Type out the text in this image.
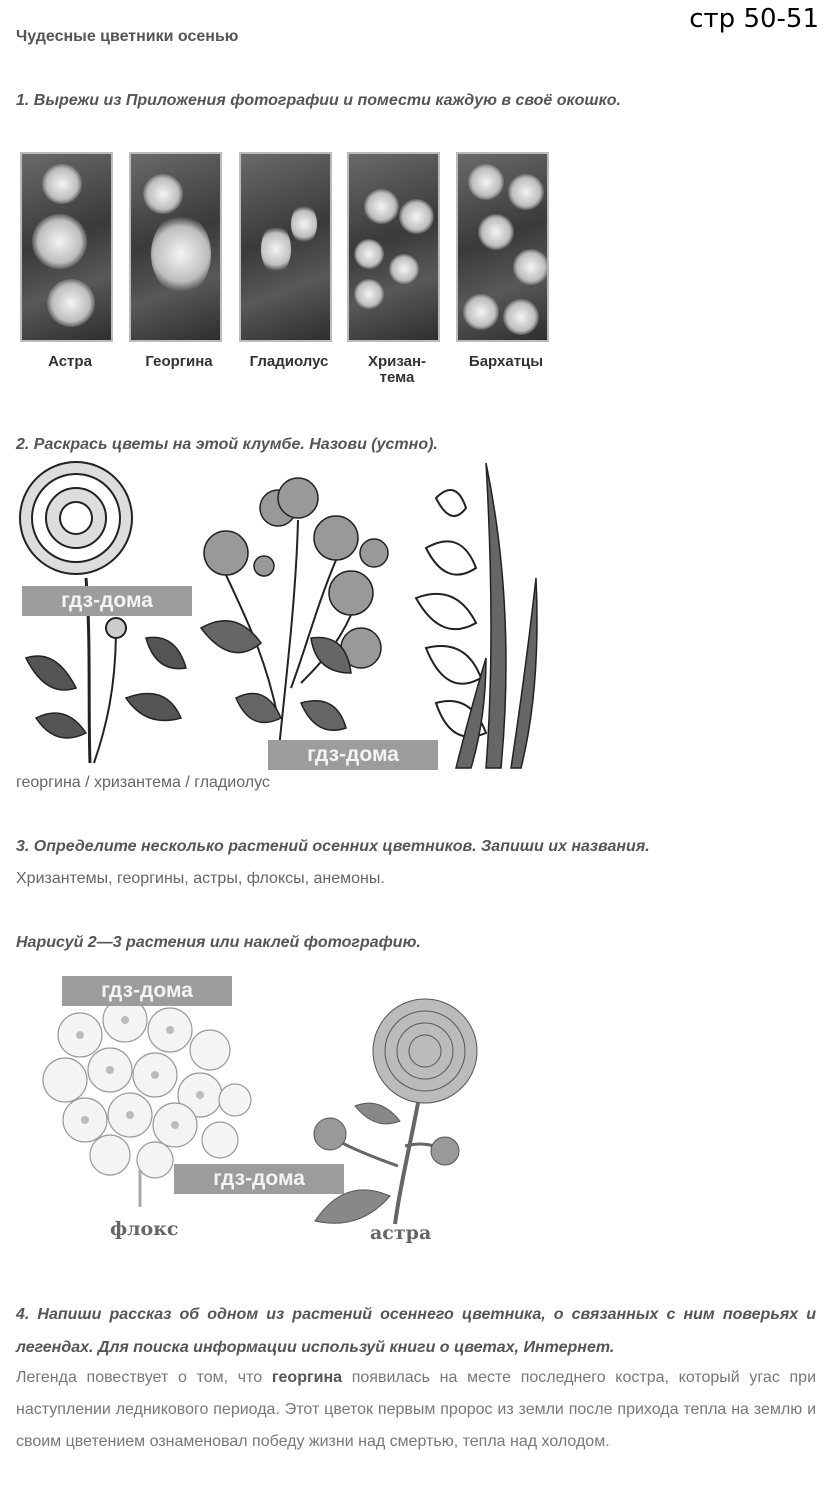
стр 50-51
Чудесные цветники осенью
1. Вырежи из Приложения фотографии и помести каждую в своё окошко.
Астра	Георгина	Гладиолус	Хризан-
тема
Бархатцы
2. Раскрась цветы на этой клумбе. Назови (устно).
гдз-дома
гдз-дома
георгина / хризантема / гладиолус
3. Определите несколько растений осенних цветников. Запиши их названия.
Хризантемы, георгины, астры, флоксы, анемоны.
Нарисуй 2—3 растения или наклей фотографию.
гдз-дома
гдз-дома
флокс	астра
4. Напиши рассказ об одном из растений осеннего цветника, о связанных с ним поверьях и легендах. Для поиска информации используй книги о цветах, Интернет.
Легенда повествует о том, что георгина появилась на месте последнего костра, который угас при наступлении ледникового периода. Этот цветок первым пророс из земли после прихода тепла на землю и своим цветением ознаменовал победу жизни над смертью, тепла над холодом.
